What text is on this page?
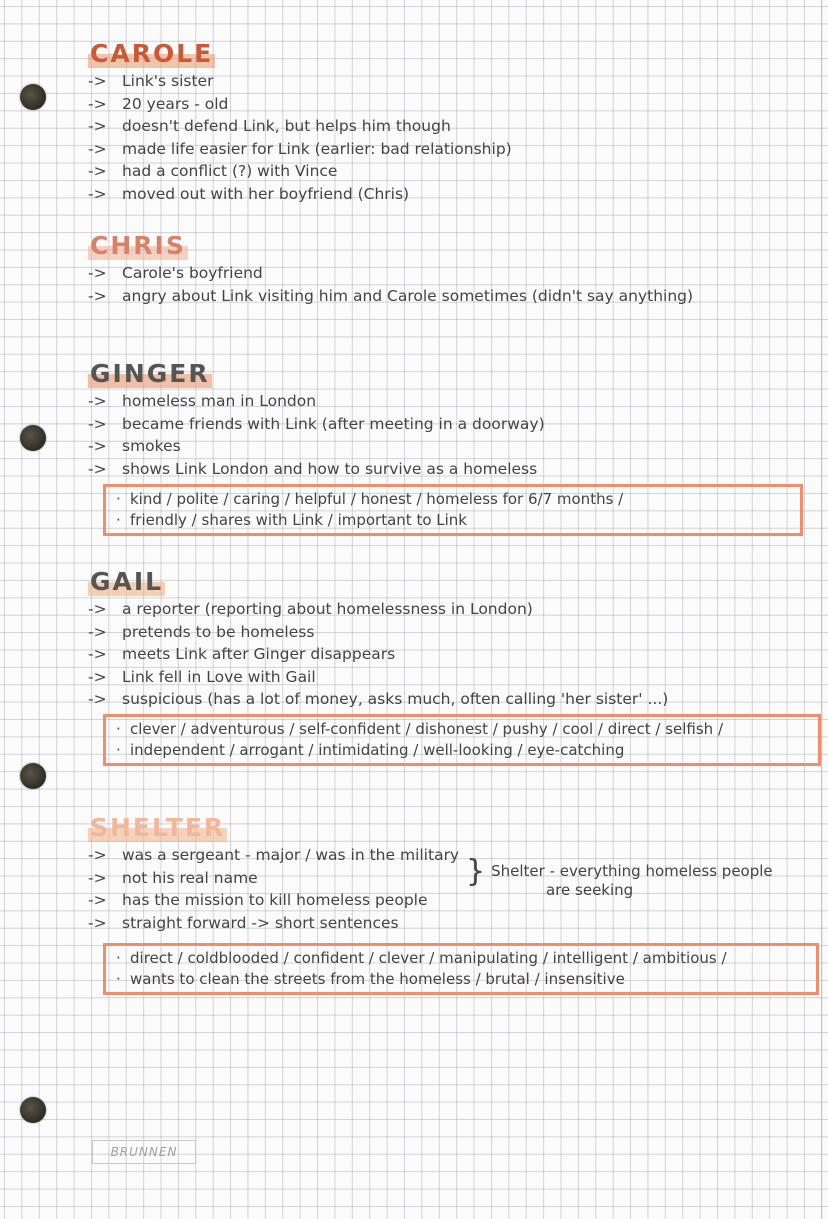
CAROLE
-> Link's sister
-> 20 years - old
-> doesn't defend Link, but helps him though
-> made life easier for Link (earlier: bad relationship)
-> had a conflict (?) with Vince
-> moved out with her boyfriend (Chris)
CHRIS
-> Carole's boyfriend
-> angry about Link visiting him and Carole sometimes (didn't say anything)
GINGER
-> homeless man in London
-> became friends with Link (after meeting in a doorway)
-> smokes
-> shows Link London and how to survive as a homeless
· kind / polite / caring / helpful / honest / homeless for 6/7 months /
· friendly / shares with Link / important to Link
GAIL
-> a reporter (reporting about homelessness in London)
-> pretends to be homeless
-> meets Link after Ginger disappears
-> Link fell in Love with Gail
-> suspicious (has a lot of money, asks much, often calling 'her sister' ...)
· clever / adventurous / self-confident / dishonest / pushy / cool / direct / selfish /
· independent / arrogant / intimidating / well-looking / eye-catching
SHELTER
-> was a sergeant - major / was in the military
-> not his real name
-> has the mission to kill homeless people
-> straight forward -> short sentences
} Shelter - everything homeless people
are seeking
· direct / coldblooded / confident / clever / manipulating / intelligent / ambitious /
· wants to clean the streets from the homeless / brutal / insensitive
BRUNNEN
